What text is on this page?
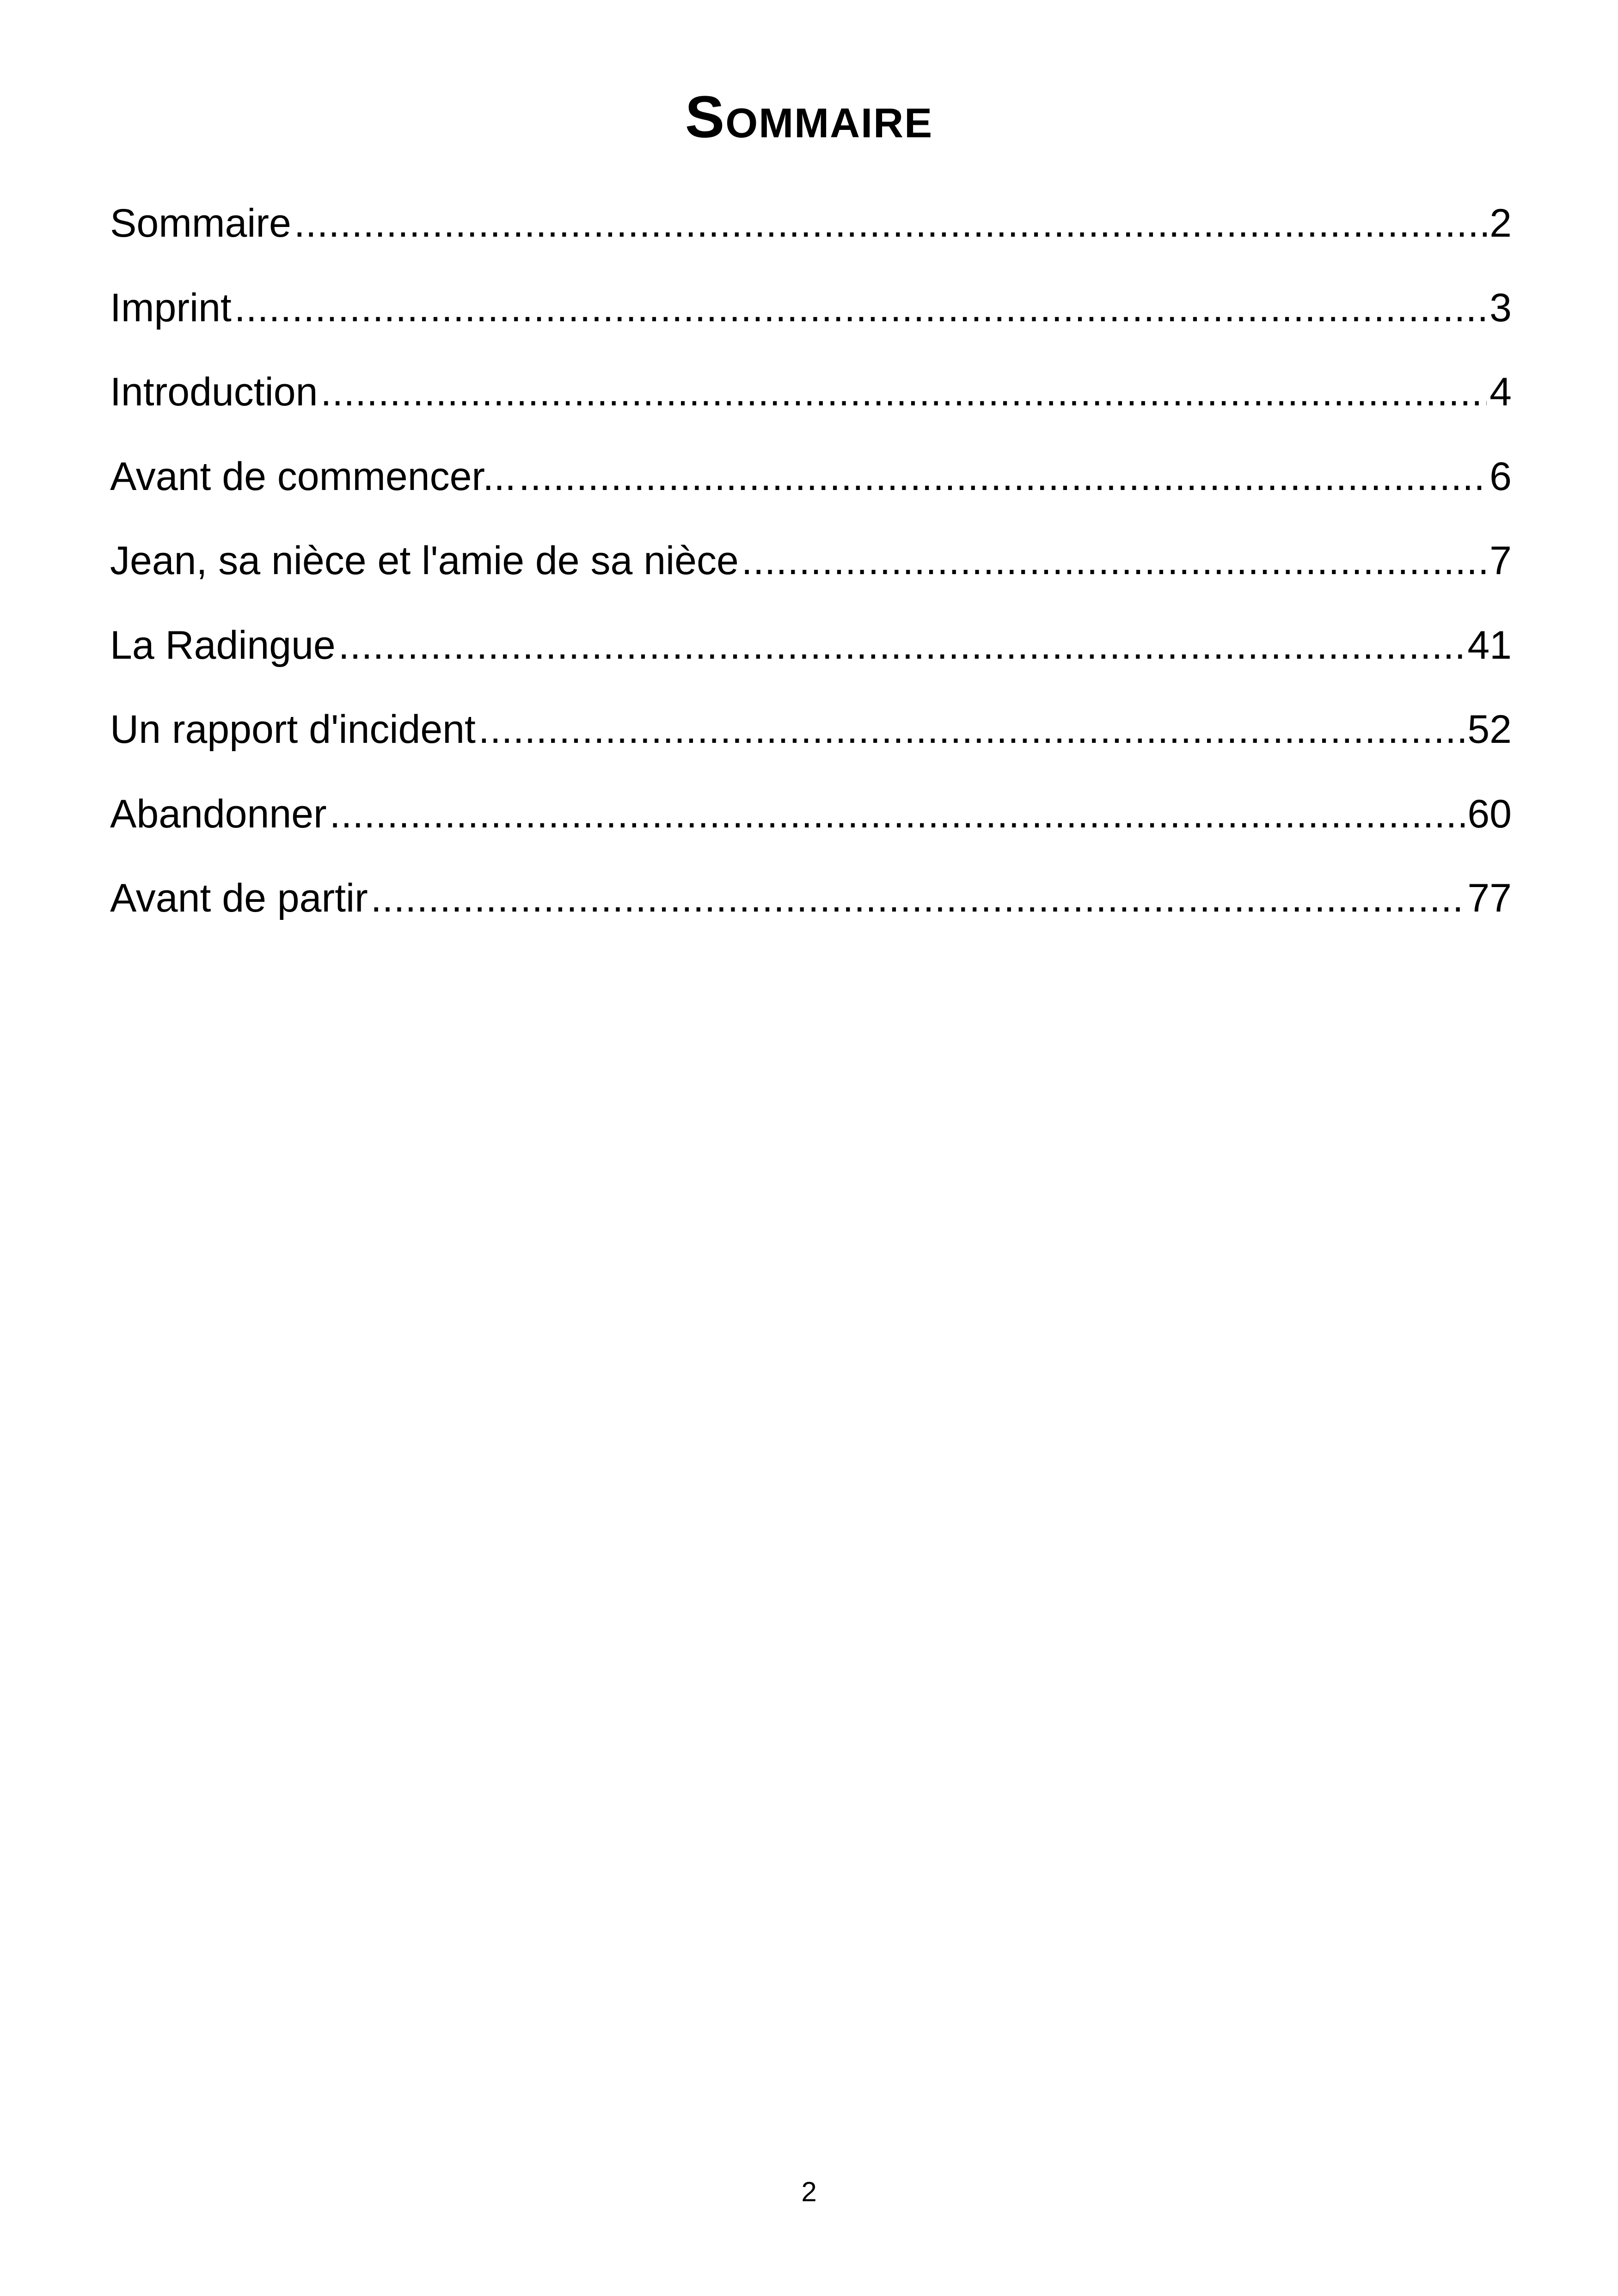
Sommaire
Sommaire .....	2
Imprint .....	3
Introduction .....	4
Avant de commencer... .....	6
Jean, sa nièce et l'amie de sa nièce .....	7
La Radingue .....	41
Un rapport d'incident .....	52
Abandonner .....	60
Avant de partir .....	77
2
